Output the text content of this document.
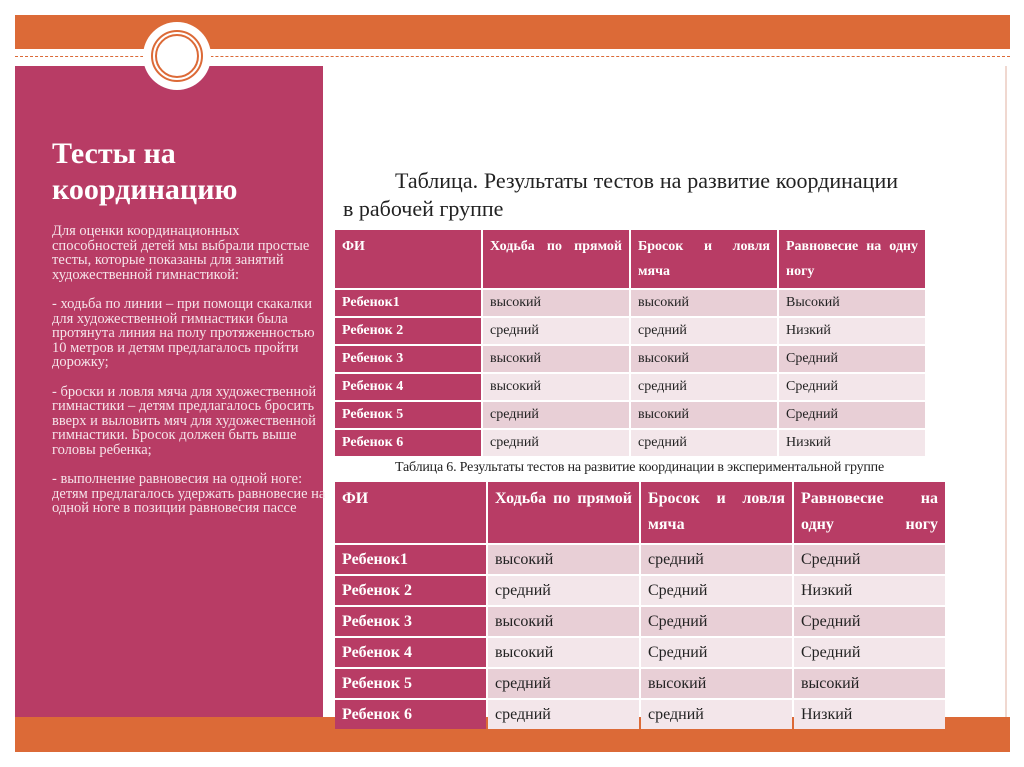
Тесты на координацию

Для оценки координационных способностей детей мы выбрали простые тесты, которые показаны для занятий художественной гимнастикой:

- ходьба по линии – при помощи скакалки для художественной гимнастики была протянута линия на полу протяженностью 10 метров и детям предлагалось пройти дорожку;

- броски и ловля мяча для художественной гимнастики – детям предлагалось бросить вверх и выловить мяч для художественной гимнастики. Бросок должен быть выше головы ребенка;

- выполнение равновесия на одной ноге: детям предлагалось удержать равновесие на одной ноге в позиции равновесия пассе

Таблица. Результаты тестов на развитие координации в рабочей группе
ФИ	Ходьба по прямой	Бросок и ловля мяча	Равновесие на одну ногу
Ребенок1	высокий	высокий	Высокий
Ребенок 2	средний	средний	Низкий
Ребенок 3	высокий	высокий	Средний
Ребенок 4	высокий	средний	Средний
Ребенок 5	средний	высокий	Средний
Ребенок 6	средний	средний	Низкий
Таблица 6. Результаты тестов на развитие координации в экспериментальной группе
ФИ	Ходьба по прямой	Бросок и ловля мяча	Равновесие на одну ногу
Ребенок1	высокий	средний	Средний
Ребенок 2	средний	Средний	Низкий
Ребенок 3	высокий	Средний	Средний
Ребенок 4	высокий	Средний	Средний
Ребенок 5	средний	высокий	высокий
Ребенок 6	средний	средний	Низкий
